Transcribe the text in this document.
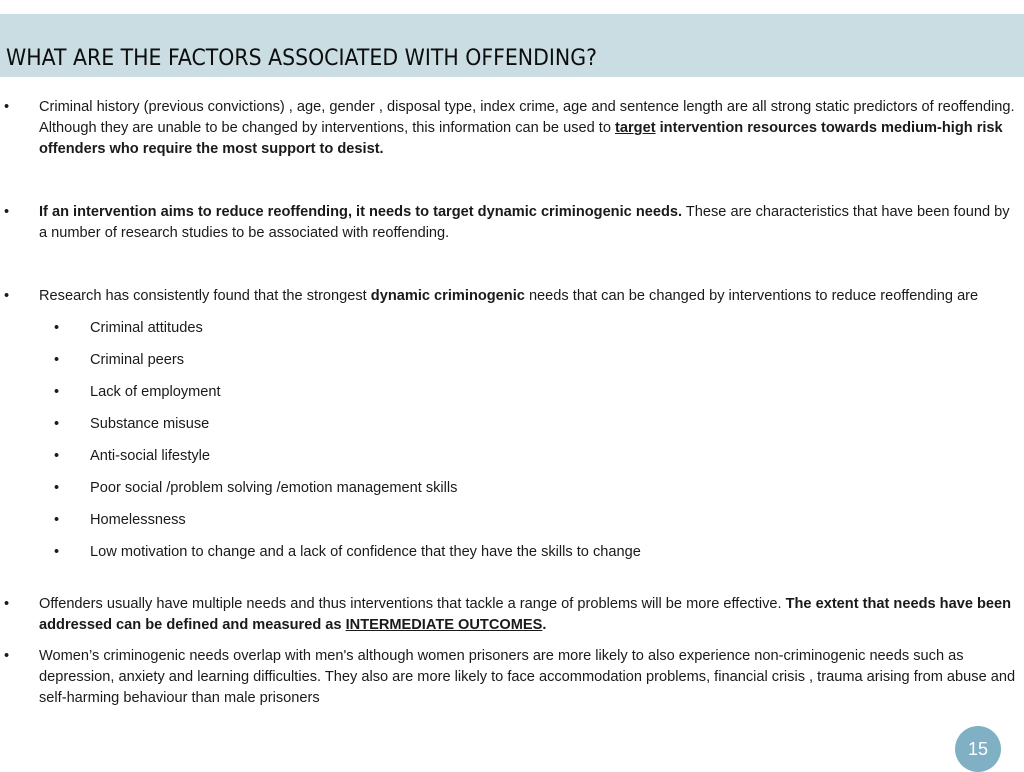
WHAT ARE THE FACTORS ASSOCIATED WITH OFFENDING?
• Criminal history (previous convictions) , age, gender , disposal type, index crime, age and sentence length are all strong static predictors of reoffending. Although they are unable to be changed by interventions, this information can be used to target intervention resources towards medium-high risk offenders who require the most support to desist.
• If an intervention aims to reduce reoffending, it needs to target dynamic criminogenic needs. These are characteristics that have been found by a number of research studies to be associated with reoffending.
• Research has consistently found that the strongest dynamic criminogenic needs that can be changed by interventions to reduce reoffending are
• Criminal attitudes
• Criminal peers
• Lack of employment
• Substance misuse
• Anti-social lifestyle
• Poor social /problem solving /emotion management skills
• Homelessness
• Low motivation to change and a lack of confidence that they have the skills to change
• Offenders usually have multiple needs and thus interventions that tackle a range of problems will be more effective. The extent that needs have been addressed can be defined and measured as INTERMEDIATE OUTCOMES.
• Women’s criminogenic needs overlap with men's although women prisoners are more likely to also experience non-criminogenic needs such as depression, anxiety and learning difficulties. They also are more likely to face accommodation problems, financial crisis , trauma arising from abuse and self-harming behaviour than male prisoners
15
